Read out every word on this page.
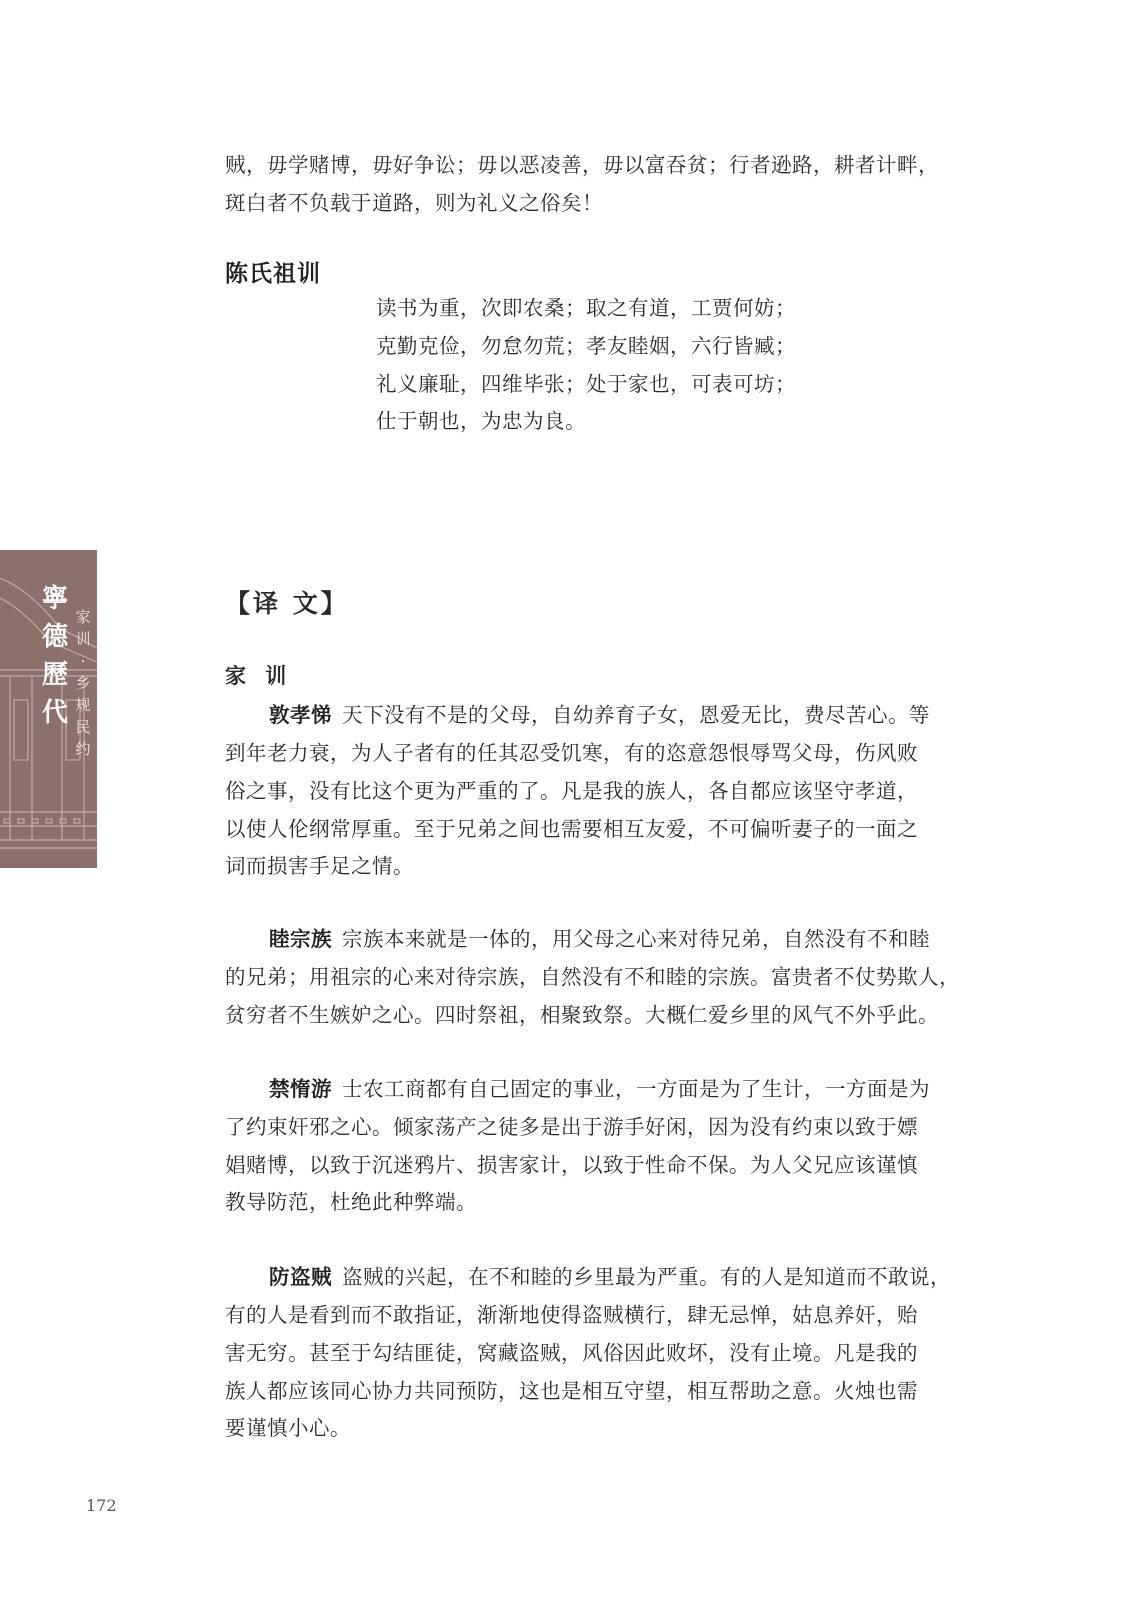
贼，毋学赌博，毋好争讼；毋以恶凌善，毋以富吞贫；行者逊路，耕者计畔，
斑白者不负载于道路，则为礼义之俗矣！
陈氏祖训
读书为重，次即农桑；取之有道，工贾何妨；
克勤克俭，勿怠勿荒；孝友睦姻，六行皆臧；
礼义廉耻，四维毕张；处于家也，可表可坊；
仕于朝也，为忠为良。
寧德歷代
家训·乡规民约
【译 文】
家 训
敦孝悌 天下没有不是的父母，自幼养育子女，恩爱无比，费尽苦心。等
到年老力衰，为人子者有的任其忍受饥寒，有的恣意怨恨辱骂父母，伤风败
俗之事，没有比这个更为严重的了。凡是我的族人，各自都应该坚守孝道，
以使人伦纲常厚重。至于兄弟之间也需要相互友爱，不可偏听妻子的一面之
词而损害手足之情。
睦宗族 宗族本来就是一体的，用父母之心来对待兄弟，自然没有不和睦
的兄弟；用祖宗的心来对待宗族，自然没有不和睦的宗族。富贵者不仗势欺人，
贫穷者不生嫉妒之心。四时祭祖，相聚致祭。大概仁爱乡里的风气不外乎此。
禁惰游 士农工商都有自己固定的事业，一方面是为了生计，一方面是为
了约束奸邪之心。倾家荡产之徒多是出于游手好闲，因为没有约束以致于嫖
娼赌博，以致于沉迷鸦片、损害家计，以致于性命不保。为人父兄应该谨慎
教导防范，杜绝此种弊端。
防盗贼 盗贼的兴起，在不和睦的乡里最为严重。有的人是知道而不敢说，
有的人是看到而不敢指证，渐渐地使得盗贼横行，肆无忌惮，姑息养奸，贻
害无穷。甚至于勾结匪徒，窝藏盗贼，风俗因此败坏，没有止境。凡是我的
族人都应该同心协力共同预防，这也是相互守望，相互帮助之意。火烛也需
要谨慎小心。
172
